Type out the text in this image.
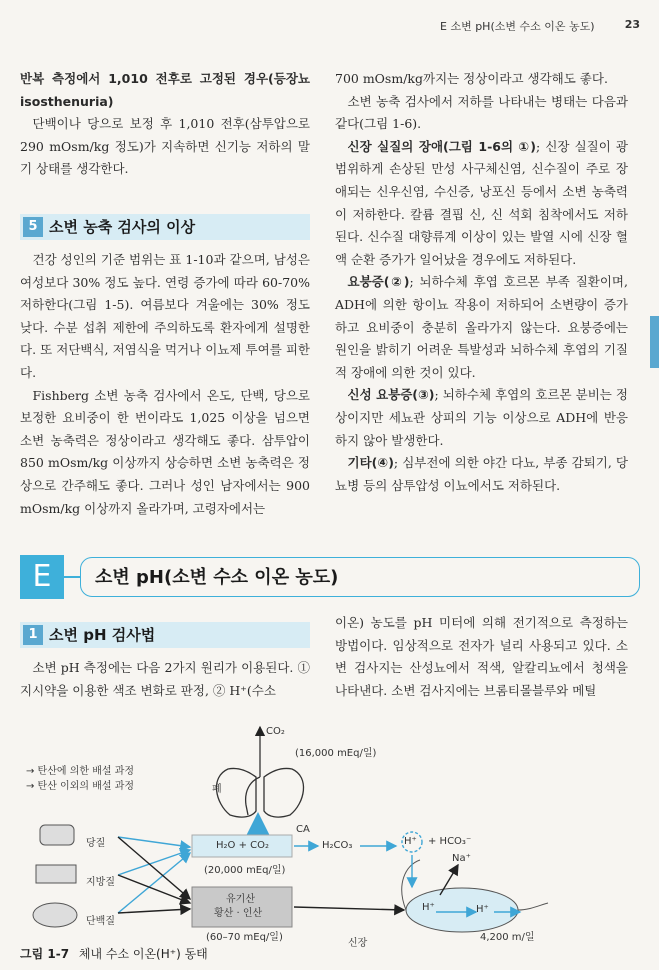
E 소변 pH(소변 수소 이온 농도)	23

반복 측정에서 1,010 전후로 고정된 경우(등장뇨 isosthenuria)

단백이나 당으로 보정 후 1,010 전후(삼투압으로 290 mOsm/kg 정도)가 지속하면 신기능 저하의 말기 상태를 생각한다.

5 소변 농축 검사의 이상

건강 성인의 기준 범위는 표 1-10과 같으며, 남성은 여성보다 30% 정도 높다. 연령 증가에 따라 60-70% 저하한다(그림 1-5). 여름보다 겨울에는 30% 정도 낮다. 수분 섭취 제한에 주의하도록 환자에게 설명한다. 또 저단백식, 저염식을 먹거나 이뇨제 투여를 피한다.

Fishberg 소변 농축 검사에서 온도, 단백, 당으로 보정한 요비중이 한 번이라도 1,025 이상을 넘으면 소변 농축력은 정상이라고 생각해도 좋다. 삼투압이 850 mOsm/kg 이상까지 상승하면 소변 농축력은 정상으로 간주해도 좋다. 그러나 성인 남자에서는 900 mOsm/kg 이상까지 올라가며, 고령자에서는

700 mOsm/kg까지는 정상이라고 생각해도 좋다.

소변 농축 검사에서 저하를 나타내는 병태는 다음과 같다(그림 1-6).

신장 실질의 장애(그림 1-6의 ①); 신장 실질이 광범위하게 손상된 만성 사구체신염, 신수질이 주로 장애되는 신우신염, 수신증, 낭포신 등에서 소변 농축력이 저하한다. 칼륨 결핍 신, 신 석회 침착에서도 저하된다. 신수질 대향류계 이상이 있는 발열 시에 신장 혈액 순환 증가가 일어났을 경우에도 저하된다.

요붕증(②); 뇌하수체 후엽 호르몬 부족 질환이며, ADH에 의한 항이뇨 작용이 저하되어 소변량이 증가하고 요비중이 충분히 올라가지 않는다. 요붕증에는 원인을 밝히기 어려운 특발성과 뇌하수체 후엽의 기질적 장애에 의한 것이 있다.

신성 요붕증(③); 뇌하수체 후엽의 호르몬 분비는 정상이지만 세뇨관 상피의 기능 이상으로 ADH에 반응하지 않아 발생한다.

기타(④); 심부전에 의한 야간 다뇨, 부종 감퇴기, 당뇨병 등의 삼투압성 이뇨에서도 저하된다.

E	소변 pH(소변 수소 이온 농도)
1 소변 pH 검사법

소변 pH 측정에는 다음 2가지 원리가 이용된다. ① 지시약을 이용한 색조 변화로 판정, ② H⁺(수소

이온) 농도를 pH 미터에 의해 전기적으로 측정하는 방법이다. 임상적으로 전자가 널리 사용되고 있다. 소변 검사지는 산성뇨에서 적색, 알칼리뇨에서 청색을 나타낸다. 소변 검사지에는 브롬티몰블루와 메틸

→ 탄산에 의한 배설 과정
→ 탄산 이외의 배설 과정
CO₂
(16,000 mEq/일)
폐
당질
지방질
단백질
H₂O + CO₂
(20,000 mEq/일)
CA
H₂CO₃	H⁺ + HCO₃⁻
Na⁺
유기산
황산 · 인산
(60–70 mEq/일)
신장
H⁺	H⁺
4,200 m/일
그림 1-7 체내 수소 이온(H⁺) 동태
